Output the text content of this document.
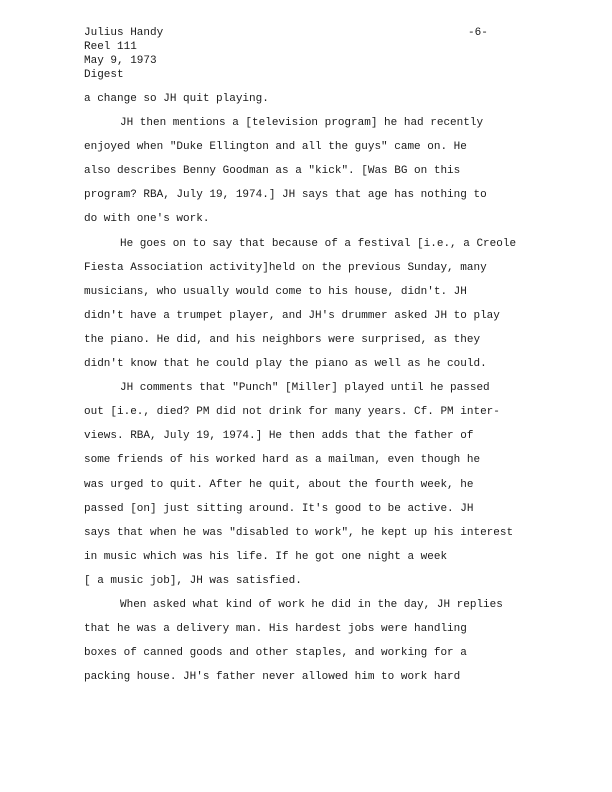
Julius Handy
Reel 111
May 9, 1973
Digest
-6-
a change so JH quit playing.
JH then mentions a [television program] he had recently
enjoyed when "Duke Ellington and all the guys" came on. He
also describes Benny Goodman as a "kick". [Was BG on this
program? RBA, July 19, 1974.] JH says that age has nothing to
do with one's work.
He goes on to say that because of a festival [i.e., a Creole
Fiesta Association activity]held on the previous Sunday, many
musicians, who usually would come to his house, didn't. JH
didn't have a trumpet player, and JH's drummer asked JH to play
the piano. He did, and his neighbors were surprised, as they
didn't know that he could play the piano as well as he could.
JH comments that "Punch" [Miller] played until he passed
out [i.e., died? PM did not drink for many years. Cf. PM inter-
views. RBA, July 19, 1974.] He then adds that the father of
some friends of his worked hard as a mailman, even though he
was urged to quit. After he quit, about the fourth week, he
passed [on] just sitting around. It's good to be active. JH
says that when he was "disabled to work", he kept up his interest
in music which was his life. If he got one night a week
[ a music job], JH was satisfied.
When asked what kind of work he did in the day, JH replies
that he was a delivery man. His hardest jobs were handling
boxes of canned goods and other staples, and working for a
packing house. JH's father never allowed him to work hard
